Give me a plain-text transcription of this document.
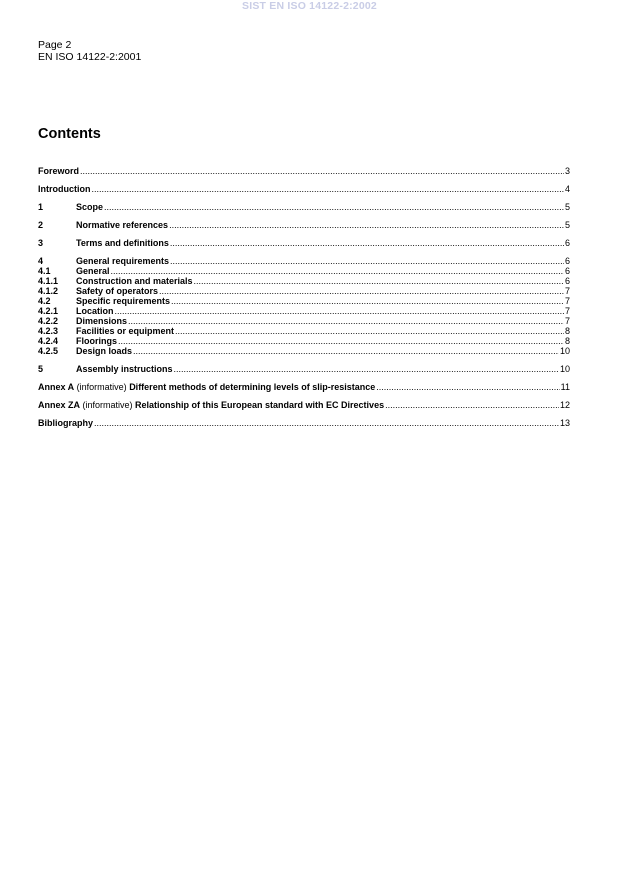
SIST EN ISO 14122-2:2002
Page 2
EN ISO 14122-2:2001
Contents
Foreword .....	3
Introduction .....	4
1	Scope .....	5
2	Normative references .....	5
3	Terms and definitions .....	6
4	General requirements .....	6
4.1	General .....	6
4.1.1	Construction and materials .....	6
4.1.2	Safety of operators .....	7
4.2	Specific requirements .....	7
4.2.1	Location .....	7
4.2.2	Dimensions .....	7
4.2.3	Facilities or equipment .....	8
4.2.4	Floorings .....	8
4.2.5	Design loads .....	10
5	Assembly instructions .....	10
Annex A (informative) Different methods of determining levels of slip-resistance .....	11
Annex ZA (informative) Relationship of this European standard with EC Directives .....	12
Bibliography .....	13
